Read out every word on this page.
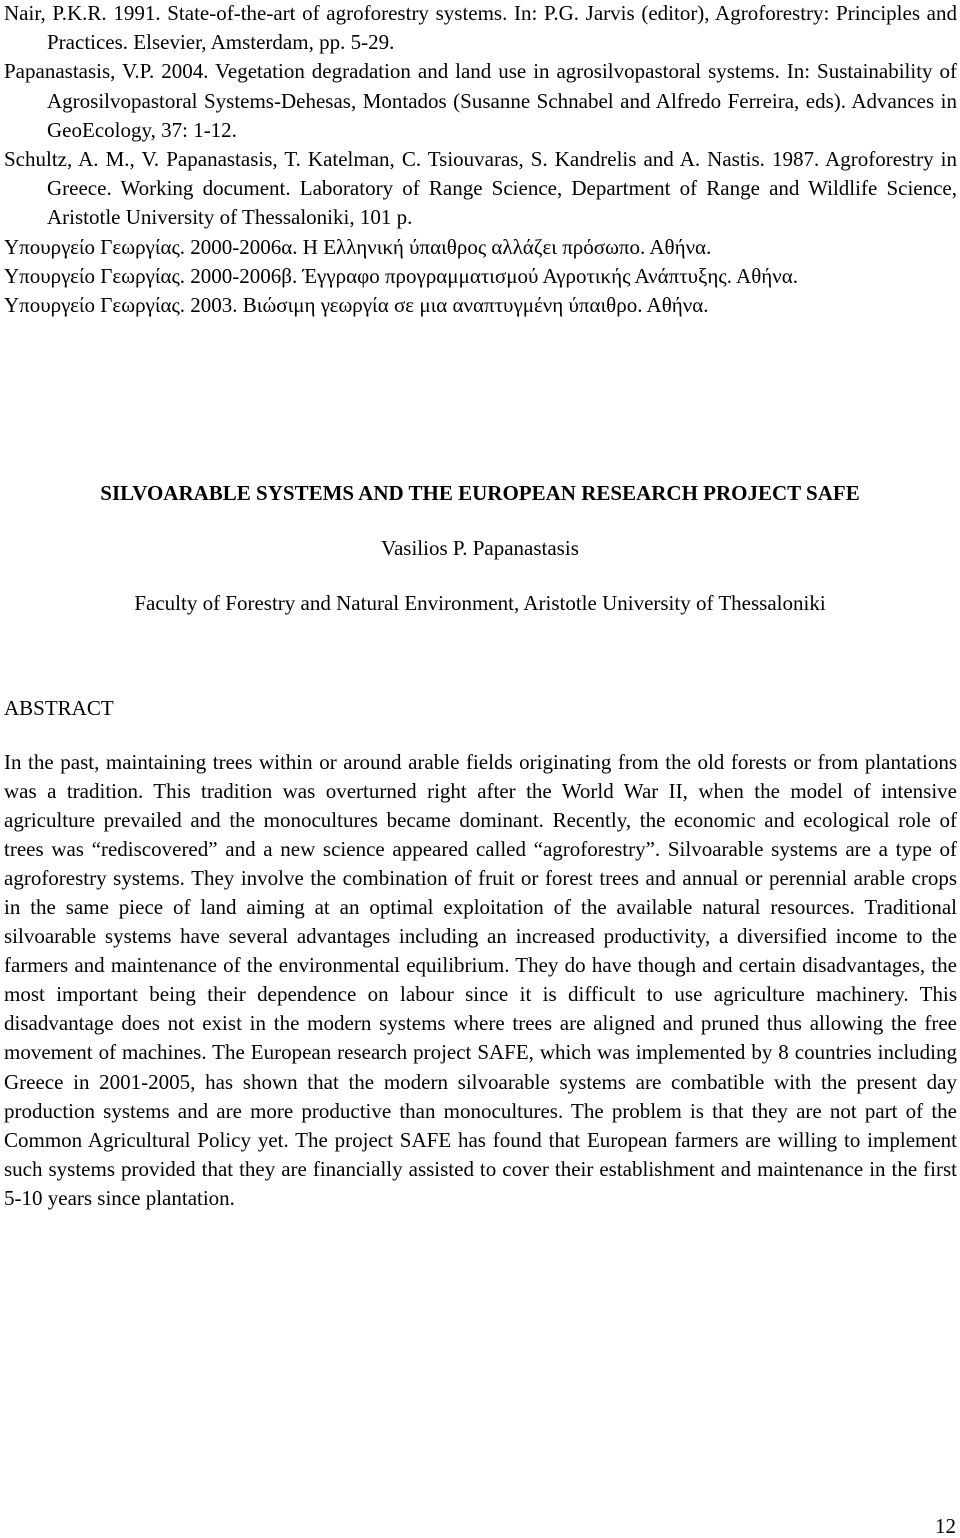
Nair, P.K.R. 1991. State-of-the-art of agroforestry systems. In: P.G. Jarvis (editor), Agroforestry: Principles and Practices. Elsevier, Amsterdam, pp. 5-29.

Papanastasis, V.P. 2004. Vegetation degradation and land use in agrosilvopastoral systems. In: Sustainability of Agrosilvopastoral Systems-Dehesas, Montados (Susanne Schnabel and Alfredo Ferreira, eds). Advances in GeoEcology, 37: 1-12.

Schultz, A. M., V. Papanastasis, T. Katelman, C. Tsiouvaras, S. Kandrelis and A. Nastis. 1987. Agroforestry in Greece. Working document. Laboratory of Range Science, Department of Range and Wildlife Science, Aristotle University of Thessaloniki, 101 p.

Υπουργείο Γεωργίας. 2000-2006α. Η Ελληνική ύπαιθρος αλλάζει πρόσωπο. Αθήνα.

Υπουργείο Γεωργίας. 2000-2006β. Έγγραφο προγραμματισμού Αγροτικής Ανάπτυξης. Αθήνα.

Υπουργείο Γεωργίας. 2003. Βιώσιμη γεωργία σε μια αναπτυγμένη ύπαιθρο. Αθήνα.

SILVOARABLE SYSTEMS AND THE EUROPEAN RESEARCH PROJECT SAFE

Vasilios P. Papanastasis

Faculty of Forestry and Natural Environment, Aristotle University of Thessaloniki

ABSTRACT

In the past, maintaining trees within or around arable fields originating from the old forests or from plantations was a tradition. This tradition was overturned right after the World War II, when the model of intensive agriculture prevailed and the monocultures became dominant. Recently, the economic and ecological role of trees was “rediscovered” and a new science appeared called “agroforestry”. Silvoarable systems are a type of agroforestry systems. They involve the combination of fruit or forest trees and annual or perennial arable crops in the same piece of land aiming at an optimal exploitation of the available natural resources. Traditional silvoarable systems have several advantages including an increased productivity, a diversified income to the farmers and maintenance of the environmental equilibrium. They do have though and certain disadvantages, the most important being their dependence on labour since it is difficult to use agriculture machinery. This disadvantage does not exist in the modern systems where trees are aligned and pruned thus allowing the free movement of machines. The European research project SAFE, which was implemented by 8 countries including Greece in 2001-2005, has shown that the modern silvoarable systems are combatible with the present day production systems and are more productive than monocultures. The problem is that they are not part of the Common Agricultural Policy yet. The project SAFE has found that European farmers are willing to implement such systems provided that they are financially assisted to cover their establishment and maintenance in the first 5-10 years since plantation.

12
